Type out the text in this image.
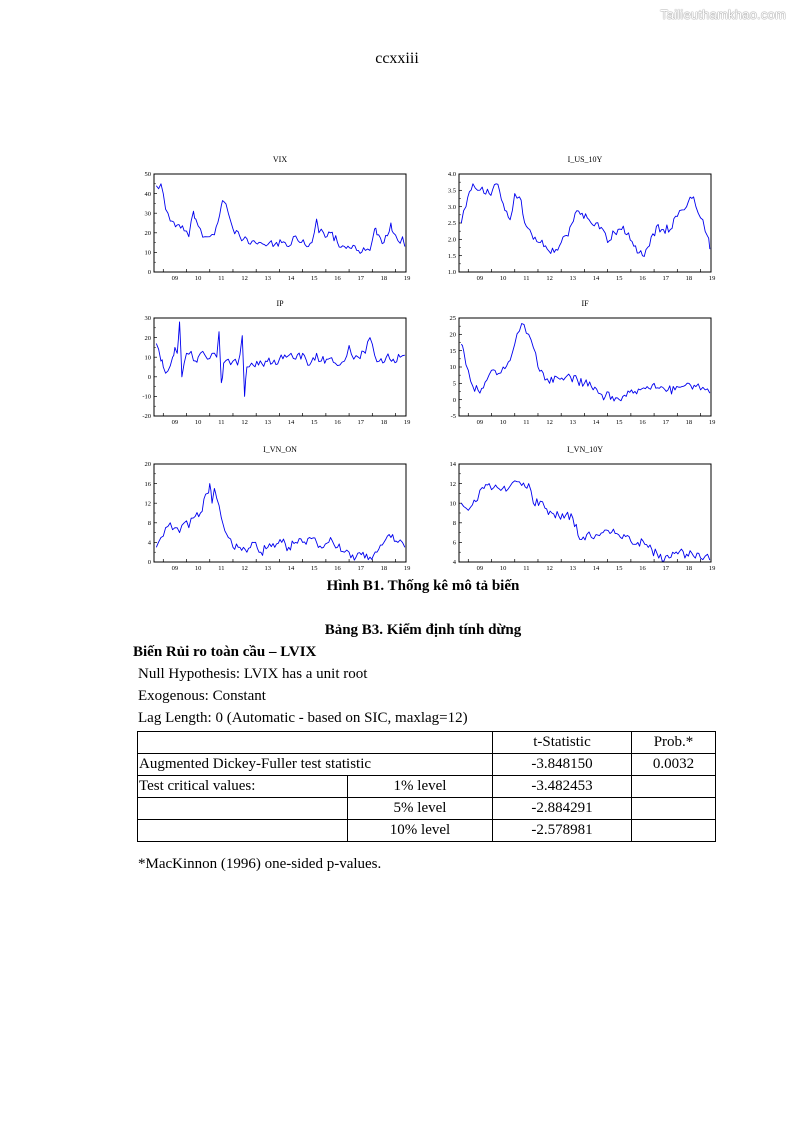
Tailieuthamkhao.com
ccxxiii
VIX
0
10
20
30
40
50
09	10	11	12	13	14	15	16	17	18	19
I_US_10Y
1.0
1.5
2.0
2.5
3.0
3.5
4.0
09	10	11	12	13	14	15	16	17	18	19
IP
-20
-10
0
10
20
30
09	10	11	12	13	14	15	16	17	18	19
IF
-5
0
5
10
15
20
25
09	10	11	12	13	14	15	16	17	18	19
I_VN_ON
0
4
8
12
16
20
09	10	11	12	13	14	15	16	17	18	19
I_VN_10Y
4
6
8
10
12
14
09	10	11	12	13	14	15	16	17	18	19
Hình B1. Thống kê mô tả biến
Bảng B3. Kiểm định tính dừng
Biến Rủi ro toàn cầu – LVIX
Null Hypothesis: LVIX has a unit root
Exogenous: Constant
Lag Length: 0 (Automatic - based on SIC, maxlag=12)
		t-Statistic	Prob.*
Augmented Dickey-Fuller test statistic		-3.848150	0.0032
Test critical values:	1% level	-3.482453	
	5% level	-2.884291	
	10% level	-2.578981	
*MacKinnon (1996) one-sided p-values.
